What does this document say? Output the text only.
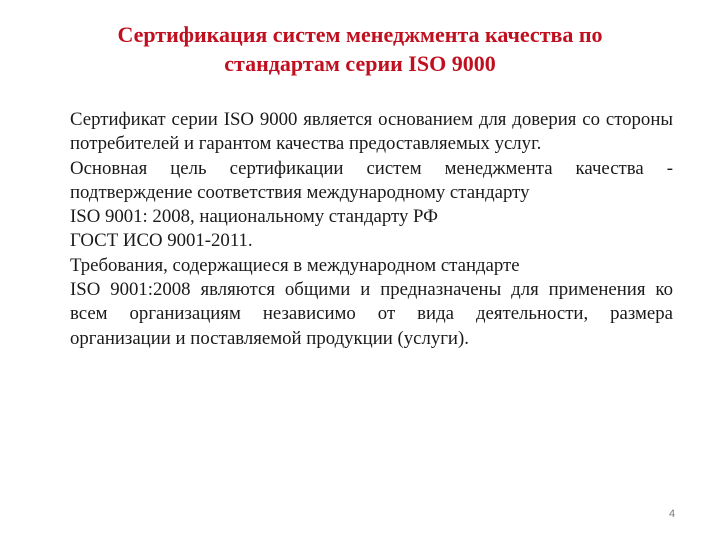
Сертификация систем менеджмента качества по
стандартам серии ISO 9000

Сертификат серии ISO 9000 является основанием для доверия со стороны потребителей и гарантом качества предоставляемых услуг.

Основная цель сертификации систем менеджмента качества - подтверждение соответствия международному стандарту

ISO 9001: 2008, национальному стандарту РФ

ГОСТ ИСО 9001-2011.

Требования, содержащиеся в международном стандарте

ISO 9001:2008 являются общими и предназначены для применения ко всем организациям независимо от вида деятельности, размера организации и поставляемой продукции (услуги).

4
